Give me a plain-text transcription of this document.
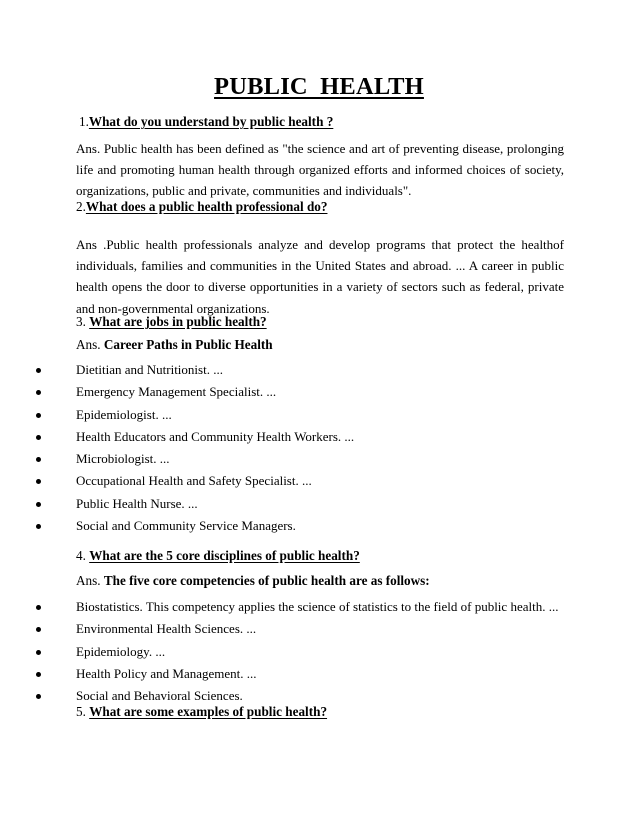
PUBLIC HEALTH
1.What do you understand by public health ?
Ans. Public health has been defined as "the science and art of preventing disease, prolonging life and promoting human health through organized efforts and informed choices of society, organizations, public and private, communities and individuals".
2.What does a public health professional do?
Ans .Public health professionals analyze and develop programs that protect the healthof individuals, families and communities in the United States and abroad. ... A career in public health opens the door to diverse opportunities in a variety of sectors such as federal, private and non-governmental organizations.
3. What are jobs in public health?
Ans. Career Paths in Public Health
Dietitian and Nutritionist. ...
Emergency Management Specialist. ...
Epidemiologist. ...
Health Educators and Community Health Workers. ...
Microbiologist. ...
Occupational Health and Safety Specialist. ...
Public Health Nurse. ...
Social and Community Service Managers.
4. What are the 5 core disciplines of public health?
Ans. The five core competencies of public health are as follows:
Biostatistics. This competency applies the science of statistics to the field of public health. ...
Environmental Health Sciences. ...
Epidemiology. ...
Health Policy and Management. ...
Social and Behavioral Sciences.
5. What are some examples of public health?
